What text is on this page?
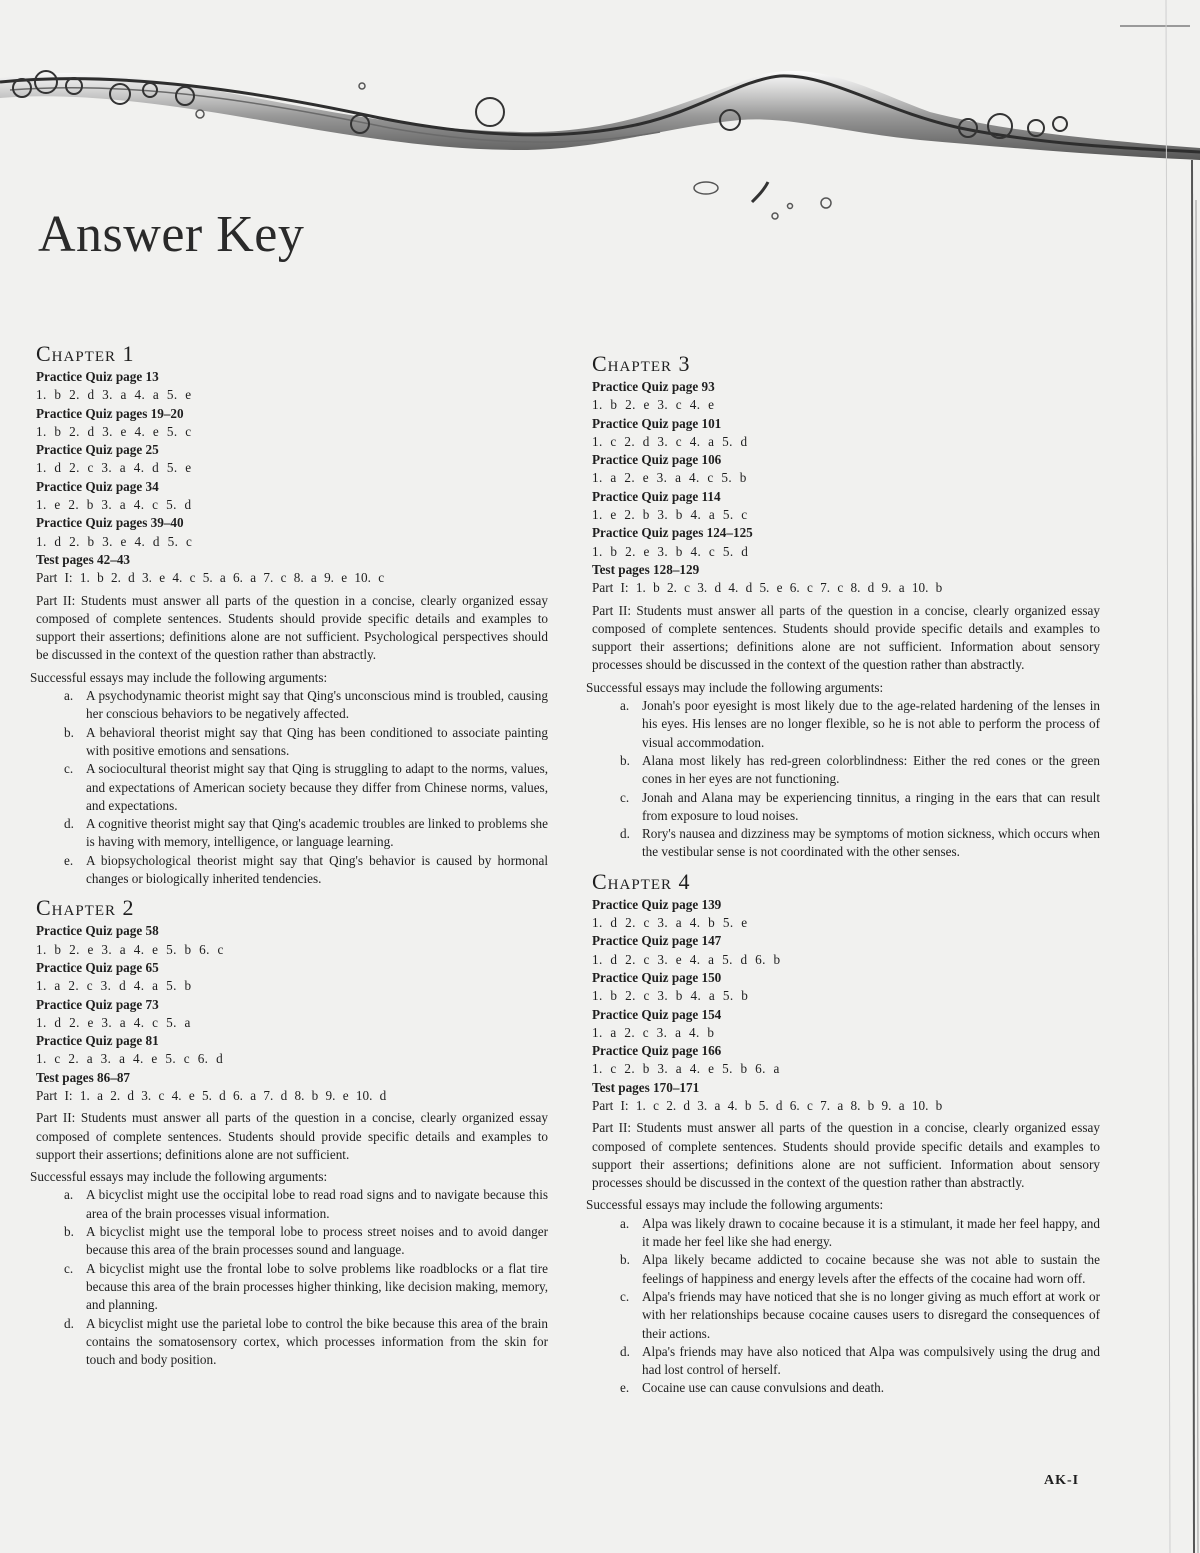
Answer Key
Chapter 1
Practice Quiz page 13
1. b 2. d 3. a 4. a 5. e
Practice Quiz pages 19–20
1. b 2. d 3. e 4. e 5. c
Practice Quiz page 25
1. d 2. c 3. a 4. d 5. e
Practice Quiz page 34
1. e 2. b 3. a 4. c 5. d
Practice Quiz pages 39–40
1. d 2. b 3. e 4. d 5. c
Test pages 42–43
Part I: 1. b 2. d 3. e 4. c 5. a 6. a 7. c 8. a 9. e 10. c
Part II: Students must answer all parts of the question in a concise, clearly organized essay composed of complete sentences. Students should provide specific details and examples to support their assertions; definitions alone are not sufficient. Psychological perspectives should be discussed in the context of the question rather than abstractly.
Successful essays may include the following arguments:
a. A psychodynamic theorist might say that Qing's unconscious mind is troubled, causing her conscious behaviors to be negatively affected.
b. A behavioral theorist might say that Qing has been conditioned to associate painting with positive emotions and sensations.
c. A sociocultural theorist might say that Qing is struggling to adapt to the norms, values, and expectations of American society because they differ from Chinese norms, values, and expectations.
d. A cognitive theorist might say that Qing's academic troubles are linked to problems she is having with memory, intelligence, or language learning.
e. A biopsychological theorist might say that Qing's behavior is caused by hormonal changes or biologically inherited tendencies.
Chapter 2
Practice Quiz page 58
1. b 2. e 3. a 4. e 5. b 6. c
Practice Quiz page 65
1. a 2. c 3. d 4. a 5. b
Practice Quiz page 73
1. d 2. e 3. a 4. c 5. a
Practice Quiz page 81
1. c 2. a 3. a 4. e 5. c 6. d
Test pages 86–87
Part I: 1. a 2. d 3. c 4. e 5. d 6. a 7. d 8. b 9. e 10. d
Part II: Students must answer all parts of the question in a concise, clearly organized essay composed of complete sentences. Students should provide specific details and examples to support their assertions; definitions alone are not sufficient.
Successful essays may include the following arguments:
a. A bicyclist might use the occipital lobe to read road signs and to navigate because this area of the brain processes visual information.
b. A bicyclist might use the temporal lobe to process street noises and to avoid danger because this area of the brain processes sound and language.
c. A bicyclist might use the frontal lobe to solve problems like roadblocks or a flat tire because this area of the brain processes higher thinking, like decision making, memory, and planning.
d. A bicyclist might use the parietal lobe to control the bike because this area of the brain contains the somatosensory cortex, which processes information from the skin for touch and body position.
Chapter 3
Practice Quiz page 93
1. b 2. e 3. c 4. e
Practice Quiz page 101
1. c 2. d 3. c 4. a 5. d
Practice Quiz page 106
1. a 2. e 3. a 4. c 5. b
Practice Quiz page 114
1. e 2. b 3. b 4. a 5. c
Practice Quiz pages 124–125
1. b 2. e 3. b 4. c 5. d
Test pages 128–129
Part I: 1. b 2. c 3. d 4. d 5. e 6. c 7. c 8. d 9. a 10. b
Part II: Students must answer all parts of the question in a concise, clearly organized essay composed of complete sentences. Students should provide specific details and examples to support their assertions; definitions alone are not sufficient. Information about sensory processes should be discussed in the context of the question rather than abstractly.
Successful essays may include the following arguments:
a. Jonah's poor eyesight is most likely due to the age-related hardening of the lenses in his eyes. His lenses are no longer flexible, so he is not able to perform the process of visual accommodation.
b. Alana most likely has red-green colorblindness: Either the red cones or the green cones in her eyes are not functioning.
c. Jonah and Alana may be experiencing tinnitus, a ringing in the ears that can result from exposure to loud noises.
d. Rory's nausea and dizziness may be symptoms of motion sickness, which occurs when the vestibular sense is not coordinated with the other senses.
Chapter 4
Practice Quiz page 139
1. d 2. c 3. a 4. b 5. e
Practice Quiz page 147
1. d 2. c 3. e 4. a 5. d 6. b
Practice Quiz page 150
1. b 2. c 3. b 4. a 5. b
Practice Quiz page 154
1. a 2. c 3. a 4. b
Practice Quiz page 166
1. c 2. b 3. a 4. e 5. b 6. a
Test pages 170–171
Part I: 1. c 2. d 3. a 4. b 5. d 6. c 7. a 8. b 9. a 10. b
Part II: Students must answer all parts of the question in a concise, clearly organized essay composed of complete sentences. Students should provide specific details and examples to support their assertions; definitions alone are not sufficient. Information about sensory processes should be discussed in the context of the question rather than abstractly.
Successful essays may include the following arguments:
a. Alpa was likely drawn to cocaine because it is a stimulant, it made her feel happy, and it made her feel like she had energy.
b. Alpa likely became addicted to cocaine because she was not able to sustain the feelings of happiness and energy levels after the effects of the cocaine had worn off.
c. Alpa's friends may have noticed that she is no longer giving as much effort at work or with her relationships because cocaine causes users to disregard the consequences of their actions.
d. Alpa's friends may have also noticed that Alpa was compulsively using the drug and had lost control of herself.
e. Cocaine use can cause convulsions and death.
AK-I
